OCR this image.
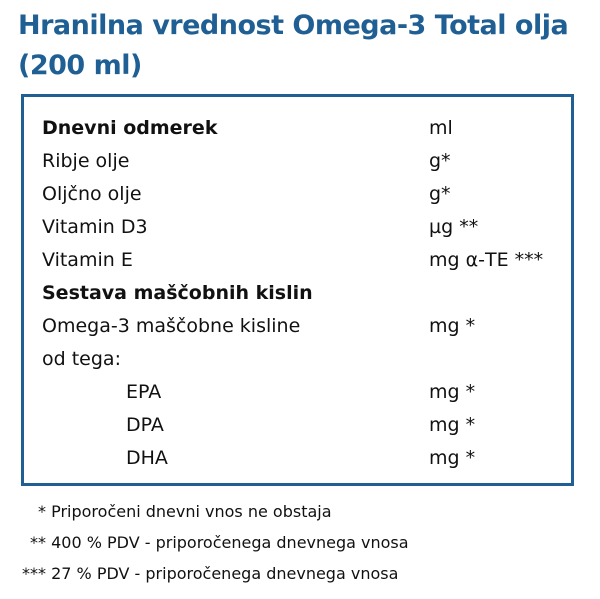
Hranilna vrednost Omega-3 Total olja (200 ml)
Dnevni odmerek	ml
Ribje olje	g*
Oljčno olje	g*
Vitamin D3	µg **
Vitamin E	mg α-TE ***
Sestava maščobnih kislin
Omega-3 maščobne kisline	mg *
od tega:
EPA	mg *
DPA	mg *
DHA	mg *
* Priporočeni dnevni vnos ne obstaja
** 400 % PDV - priporočenega dnevnega vnosa
*** 27 % PDV - priporočenega dnevnega vnosa
